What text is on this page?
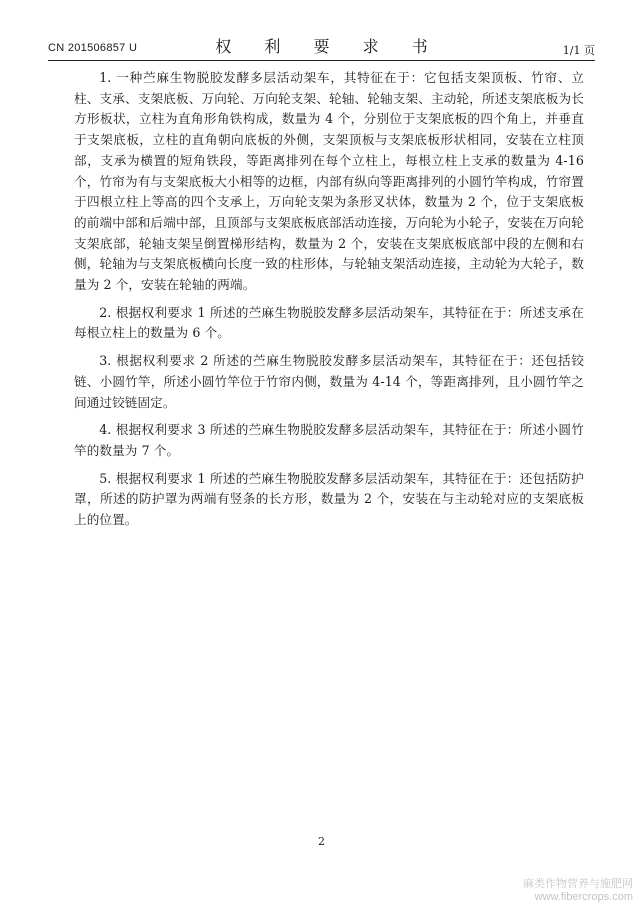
CN 201506857 U	权 利 要 求 书	1/1 页

1. 一种苎麻生物脱胶发酵多层活动架车，其特征在于：它包括支架顶板、竹帘、立柱、支承、支架底板、万向轮、万向轮支架、轮轴、轮轴支架、主动轮，所述支架底板为长方形板状，立柱为直角形角铁构成，数量为 4 个，分别位于支架底板的四个角上，并垂直于支架底板，立柱的直角朝向底板的外侧，支架顶板与支架底板形状相同，安装在立柱顶部，支承为横置的短角铁段，等距离排列在每个立柱上，每根立柱上支承的数量为 4-16 个，竹帘为有与支架底板大小相等的边框，内部有纵向等距离排列的小圆竹竿构成，竹帘置于四根立柱上等高的四个支承上，万向轮支架为条形叉状体，数量为 2 个，位于支架底板的前端中部和后端中部，且顶部与支架底板底部活动连接，万向轮为小轮子，安装在万向轮支架底部，轮轴支架呈倒置梯形结构，数量为 2 个，安装在支架底板底部中段的左侧和右侧，轮轴为与支架底板横向长度一致的柱形体，与轮轴支架活动连接，主动轮为大轮子，数量为 2 个，安装在轮轴的两端。

2. 根据权利要求 1 所述的苎麻生物脱胶发酵多层活动架车，其特征在于：所述支承在每根立柱上的数量为 6 个。

3. 根据权利要求 2 所述的苎麻生物脱胶发酵多层活动架车，其特征在于：还包括铰链、小圆竹竿，所述小圆竹竿位于竹帘内侧，数量为 4-14 个，等距离排列，且小圆竹竿之间通过铰链固定。

4. 根据权利要求 3 所述的苎麻生物脱胶发酵多层活动架车，其特征在于：所述小圆竹竿的数量为 7 个。

5. 根据权利要求 1 所述的苎麻生物脱胶发酵多层活动架车，其特征在于：还包括防护罩，所述的防护罩为两端有竖条的长方形，数量为 2 个，安装在与主动轮对应的支架底板上的位置。

2
麻类作物营养与施肥网
www.fibercrops.com
